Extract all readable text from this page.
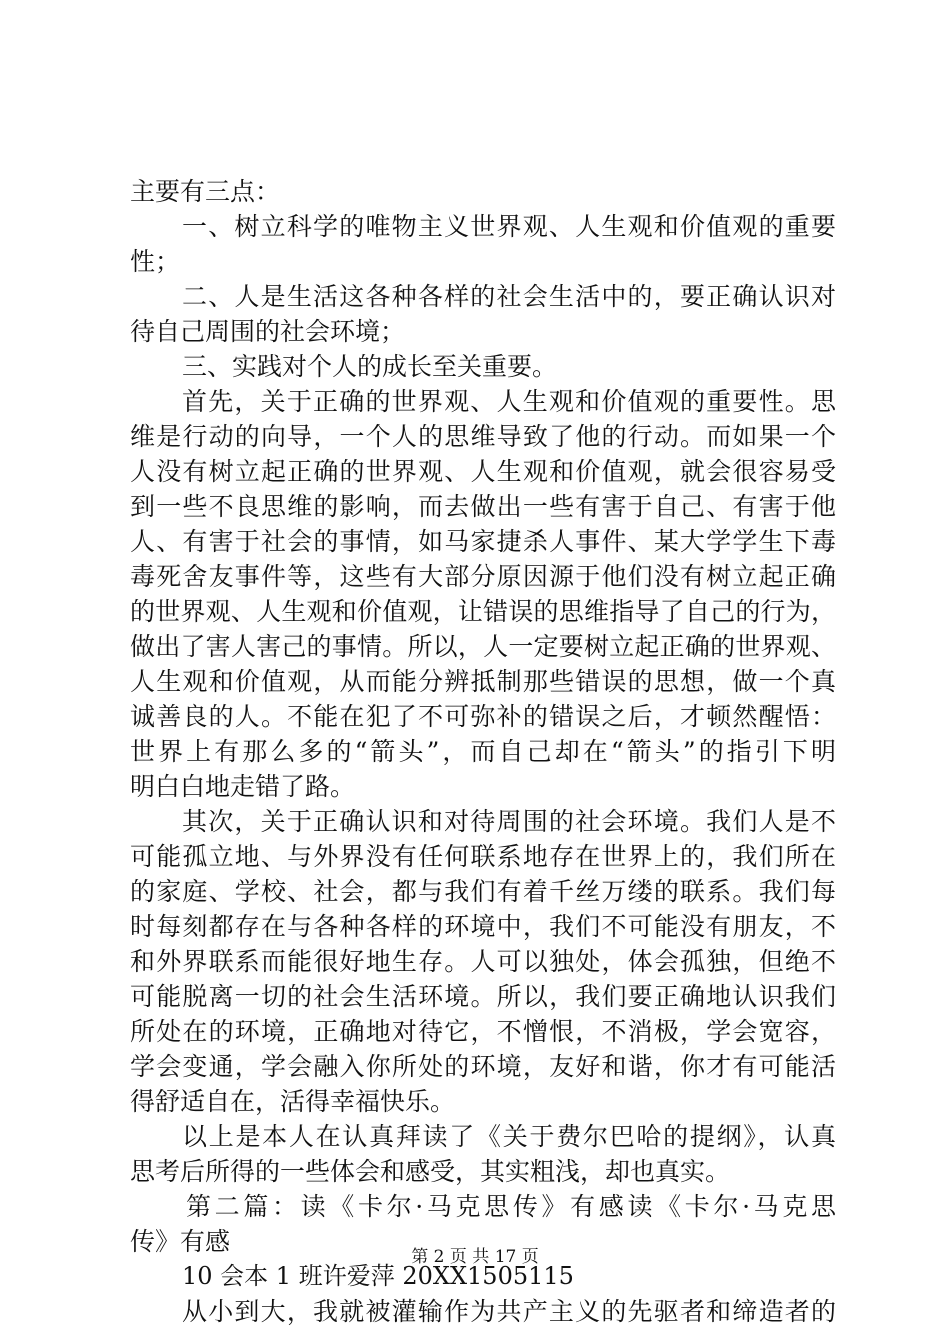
主要有三点：
一、树立科学的唯物主义世界观、人生观和价值观的重要
性；
二、人是生活这各种各样的社会生活中的，要正确认识对
待自己周围的社会环境；
三、实践对个人的成长至关重要。
首先，关于正确的世界观、人生观和价值观的重要性。思
维是行动的向导，一个人的思维导致了他的行动。而如果一个
人没有树立起正确的世界观、人生观和价值观，就会很容易受
到一些不良思维的影响，而去做出一些有害于自己、有害于他
人、有害于社会的事情，如马家捷杀人事件、某大学学生下毒
毒死舍友事件等，这些有大部分原因源于他们没有树立起正确
的世界观、人生观和价值观，让错误的思维指导了自己的行为，
做出了害人害己的事情。所以，人一定要树立起正确的世界观、
人生观和价值观，从而能分辨抵制那些错误的思想，做一个真
诚善良的人。不能在犯了不可弥补的错误之后，才顿然醒悟：
世界上有那么多的“箭头”，而自己却在“箭头”的指引下明
明白白地走错了路。
其次，关于正确认识和对待周围的社会环境。我们人是不
可能孤立地、与外界没有任何联系地存在世界上的，我们所在
的家庭、学校、社会，都与我们有着千丝万缕的联系。我们每
时每刻都存在与各种各样的环境中，我们不可能没有朋友，不
和外界联系而能很好地生存。人可以独处，体会孤独，但绝不
可能脱离一切的社会生活环境。所以，我们要正确地认识我们
所处在的环境，正确地对待它，不憎恨，不消极，学会宽容，
学会变通，学会融入你所处的环境，友好和谐，你才有可能活
得舒适自在，活得幸福快乐。
以上是本人在认真拜读了《关于费尔巴哈的提纲》，认真
思考后所得的一些体会和感受，其实粗浅，却也真实。
第二篇：读《卡尔·马克思传》有感读《卡尔·马克思
传》有感
10 会本 1 班许爱萍 20XX1505115
从小到大，我就被灌输作为共产主义的先驱者和缔造者的
第 2 页 共 17 页
